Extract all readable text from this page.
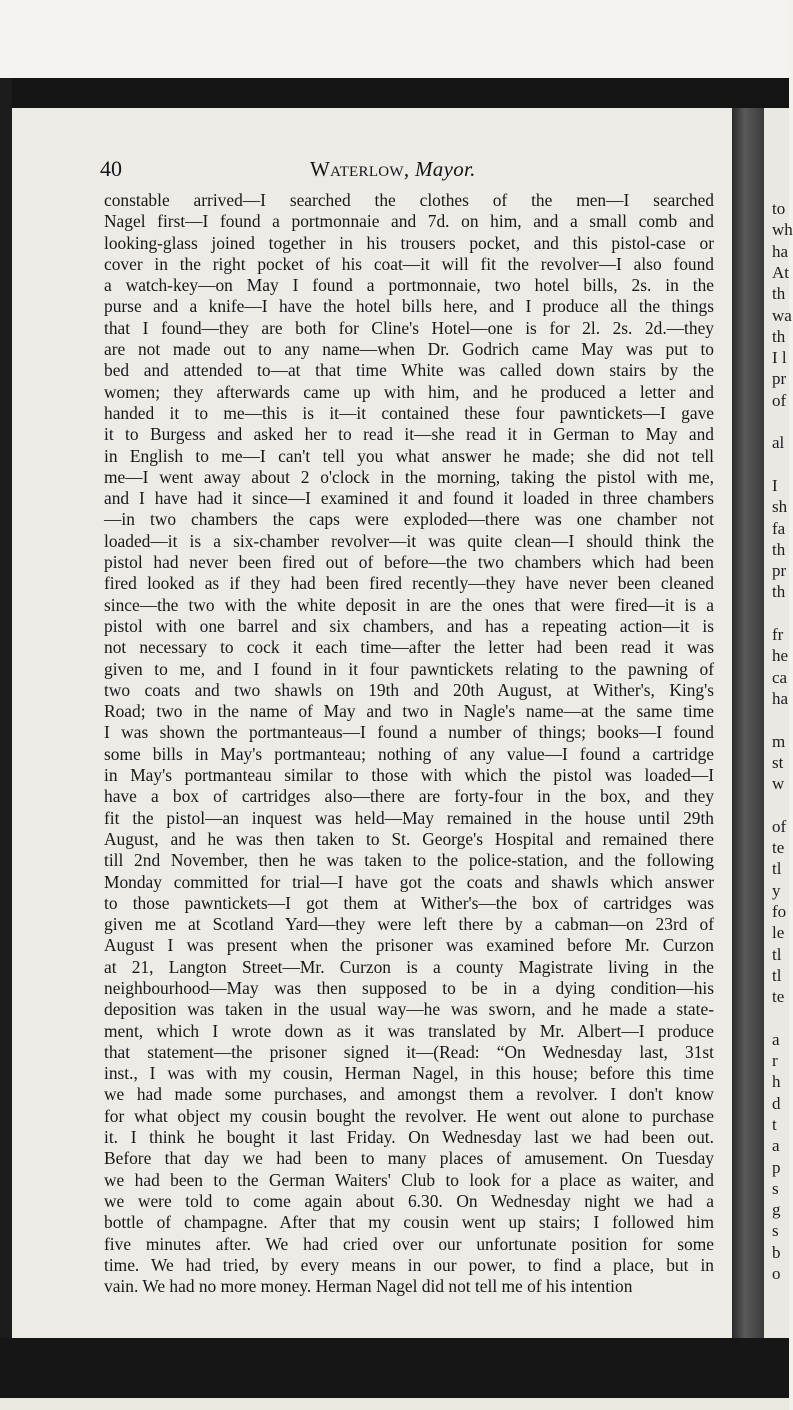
to
wh
ha
At
th
wa
th
I l
pr
of
al
I
sh
fa
th
pr
th
fr
he
ca
ha
m
st
w
of
te
tl
y
fo
le
tl
tl
te
a
r
h
d
t
a
p
s
g
s
b
o
40	Waterlow, Mayor.
constable arrived—I searched the clothes of the men—I searched
Nagel first—I found a portmonnaie and 7d. on him, and a small comb and
looking-glass joined together in his trousers pocket, and this pistol-case or
cover in the right pocket of his coat—it will fit the revolver—I also found
a watch-key—on May I found a portmonnaie, two hotel bills, 2s. in the
purse and a knife—I have the hotel bills here, and I produce all the things
that I found—they are both for Cline's Hotel—one is for 2l. 2s. 2d.—they
are not made out to any name—when Dr. Godrich came May was put to
bed and attended to—at that time White was called down stairs by the
women; they afterwards came up with him, and he produced a letter and
handed it to me—this is it—it contained these four pawntickets—I gave
it to Burgess and asked her to read it—she read it in German to May and
in English to me—I can't tell you what answer he made; she did not tell
me—I went away about 2 o'clock in the morning, taking the pistol with me,
and I have had it since—I examined it and found it loaded in three chambers
—in two chambers the caps were exploded—there was one chamber not
loaded—it is a six-chamber revolver—it was quite clean—I should think the
pistol had never been fired out of before—the two chambers which had been
fired looked as if they had been fired recently—they have never been cleaned
since—the two with the white deposit in are the ones that were fired—it is a
pistol with one barrel and six chambers, and has a repeating action—it is
not necessary to cock it each time—after the letter had been read it was
given to me, and I found in it four pawntickets relating to the pawning of
two coats and two shawls on 19th and 20th August, at Wither's, King's
Road; two in the name of May and two in Nagle's name—at the same time
I was shown the portmanteaus—I found a number of things; books—I found
some bills in May's portmanteau; nothing of any value—I found a cartridge
in May's portmanteau similar to those with which the pistol was loaded—I
have a box of cartridges also—there are forty-four in the box, and they
fit the pistol—an inquest was held—May remained in the house until 29th
August, and he was then taken to St. George's Hospital and remained there
till 2nd November, then he was taken to the police-station, and the following
Monday committed for trial—I have got the coats and shawls which answer
to those pawntickets—I got them at Wither's—the box of cartridges was
given me at Scotland Yard—they were left there by a cabman—on 23rd of
August I was present when the prisoner was examined before Mr. Curzon
at 21, Langton Street—Mr. Curzon is a county Magistrate living in the
neighbourhood—May was then supposed to be in a dying condition—his
deposition was taken in the usual way—he was sworn, and he made a state-
ment, which I wrote down as it was translated by Mr. Albert—I produce
that statement—the prisoner signed it—(Read: “On Wednesday last, 31st
inst., I was with my cousin, Herman Nagel, in this house; before this time
we had made some purchases, and amongst them a revolver. I don't know
for what object my cousin bought the revolver. He went out alone to purchase
it. I think he bought it last Friday. On Wednesday last we had been out.
Before that day we had been to many places of amusement. On Tuesday
we had been to the German Waiters' Club to look for a place as waiter, and
we were told to come again about 6.30. On Wednesday night we had a
bottle of champagne. After that my cousin went up stairs; I followed him
five minutes after. We had cried over our unfortunate position for some
time. We had tried, by every means in our power, to find a place, but in
vain. We had no more money. Herman Nagel did not tell me of his intention
